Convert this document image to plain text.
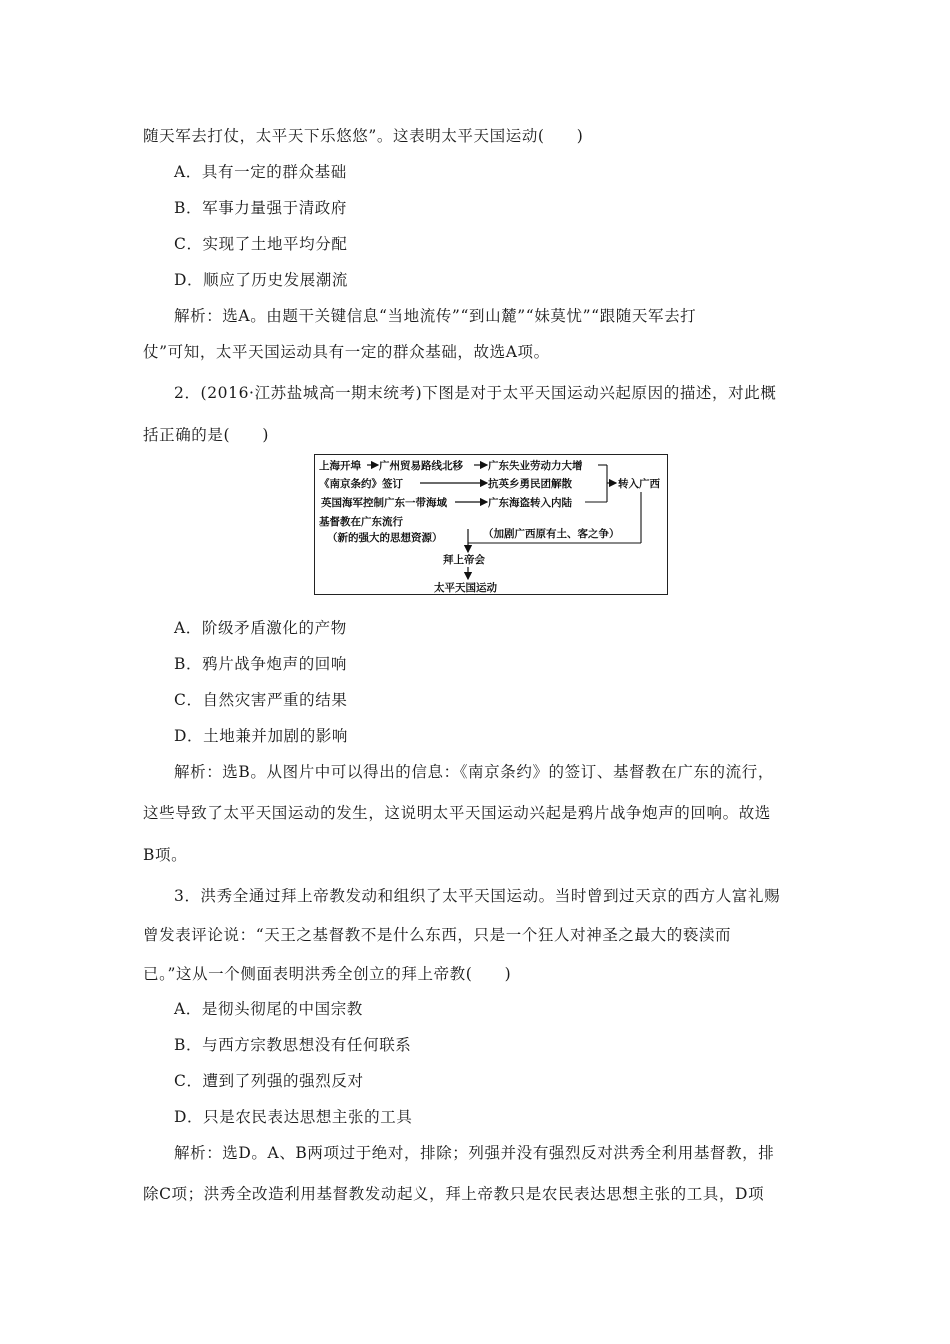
随天军去打仗，太平天下乐悠悠”。这表明太平天国运动(　　)
A．具有一定的群众基础
B．军事力量强于清政府
C．实现了土地平均分配
D．顺应了历史发展潮流
解析：选A。由题干关键信息“当地流传”“到山麓”“妹莫忧”“跟随天军去打
仗”可知，太平天国运动具有一定的群众基础，故选A项。
2．(2016·江苏盐城高一期末统考)下图是对于太平天国运动兴起原因的描述，对此概
括正确的是(　　)
上海开埠 广州贸易路线北移 广东失业劳动力大增
《南京条约》签订	抗英乡勇民团解散
英国海军控制广东一带海域	广东海盗转入内陆
转入广西
基督教在广东流行
（新的强大的思想资源）	（加剧广西原有土、客之争）
拜上帝会
太平天国运动
A．阶级矛盾激化的产物
B．鸦片战争炮声的回响
C．自然灾害严重的结果
D．土地兼并加剧的影响
解析：选B。从图片中可以得出的信息：《南京条约》的签订、基督教在广东的流行，
这些导致了太平天国运动的发生，这说明太平天国运动兴起是鸦片战争炮声的回响。故选
B项。
3．洪秀全通过拜上帝教发动和组织了太平天国运动。当时曾到过天京的西方人富礼赐
曾发表评论说：“天王之基督教不是什么东西，只是一个狂人对神圣之最大的亵渎而
已。”这从一个侧面表明洪秀全创立的拜上帝教(　　)
A．是彻头彻尾的中国宗教
B．与西方宗教思想没有任何联系
C．遭到了列强的强烈反对
D．只是农民表达思想主张的工具
解析：选D。A、B两项过于绝对，排除；列强并没有强烈反对洪秀全利用基督教，排
除C项；洪秀全改造利用基督教发动起义，拜上帝教只是农民表达思想主张的工具，D项
